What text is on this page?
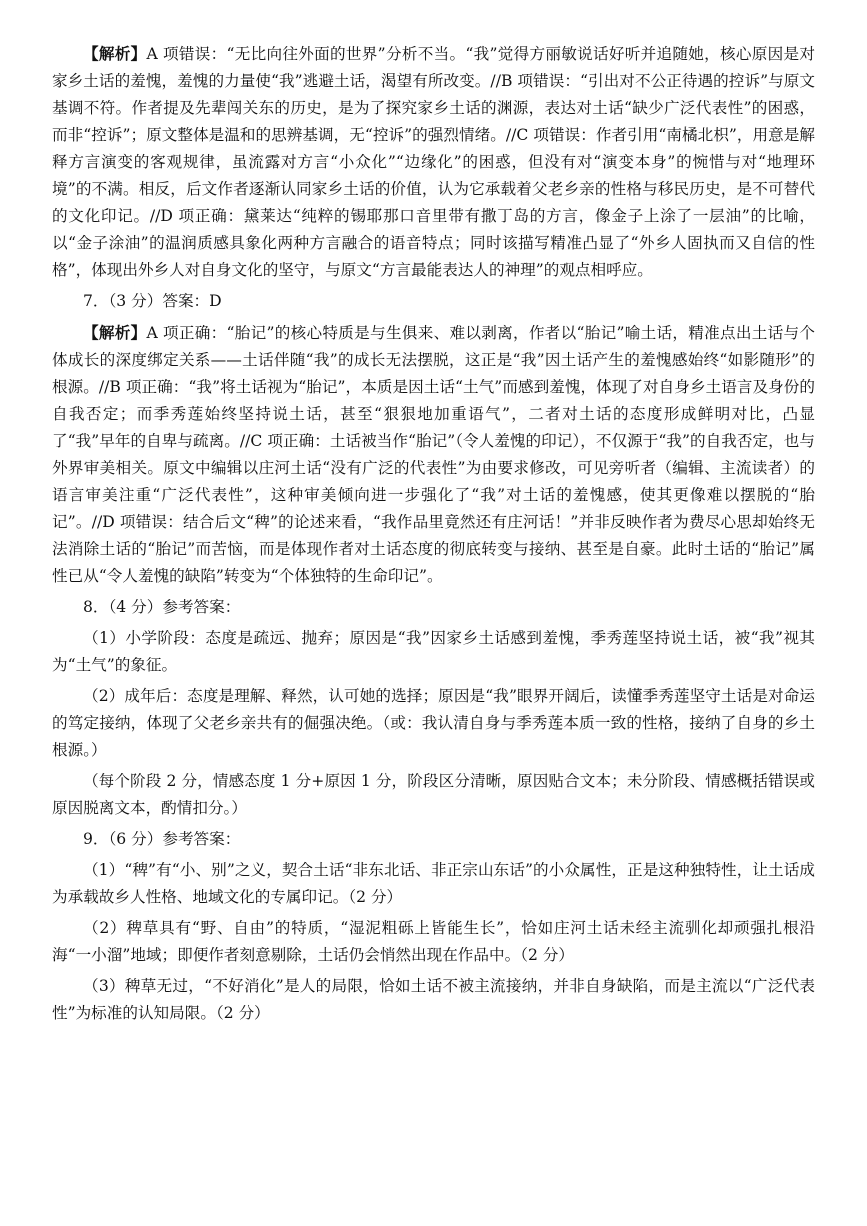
【解析】A 项错误：“无比向往外面的世界”分析不当。“我”觉得方丽敏说话好听并追随她，核心原因是对家乡土话的羞愧，羞愧的力量使“我”逃避土话，渴望有所改变。//B 项错误：“引出对不公正待遇的控诉”与原文基调不符。作者提及先辈闯关东的历史，是为了探究家乡土话的渊源，表达对土话“缺少广泛代表性”的困惑，而非“控诉”；原文整体是温和的思辨基调，无“控诉”的强烈情绪。//C 项错误：作者引用“南橘北枳”，用意是解释方言演变的客观规律，虽流露对方言“小众化”“边缘化”的困惑，但没有对“演变本身”的惋惜与对“地理环境”的不满。相反，后文作者逐渐认同家乡土话的价值，认为它承载着父老乡亲的性格与移民历史，是不可替代的文化印记。//D 项正确：黛莱达“纯粹的锡耶那口音里带有撒丁岛的方言，像金子上涂了一层油”的比喻，以“金子涂油”的温润质感具象化两种方言融合的语音特点；同时该描写精准凸显了“外乡人固执而又自信的性格”，体现出外乡人对自身文化的坚守，与原文“方言最能表达人的神理”的观点相呼应。

7．（3 分）答案：D

【解析】A 项正确：“胎记”的核心特质是与生俱来、难以剥离，作者以“胎记”喻土话，精准点出土话与个体成长的深度绑定关系——土话伴随“我”的成长无法摆脱，这正是“我”因土话产生的羞愧感始终“如影随形”的根源。//B 项正确：“我”将土话视为“胎记”，本质是因土话“土气”而感到羞愧，体现了对自身乡土语言及身份的自我否定；而季秀莲始终坚持说土话，甚至“狠狠地加重语气”，二者对土话的态度形成鲜明对比，凸显了“我”早年的自卑与疏离。//C 项正确：土话被当作“胎记”（令人羞愧的印记），不仅源于“我”的自我否定，也与外界审美相关。原文中编辑以庄河土话“没有广泛的代表性”为由要求修改，可见旁听者（编辑、主流读者）的语言审美注重“广泛代表性”，这种审美倾向进一步强化了“我”对土话的羞愧感，使其更像难以摆脱的“胎记”。//D 项错误：结合后文“稗”的论述来看，“我作品里竟然还有庄河话！”并非反映作者为费尽心思却始终无法消除土话的“胎记”而苦恼，而是体现作者对土话态度的彻底转变与接纳、甚至是自豪。此时土话的“胎记”属性已从“令人羞愧的缺陷”转变为“个体独特的生命印记”。

8．（4 分）参考答案：

（1）小学阶段：态度是疏远、抛弃；原因是“我”因家乡土话感到羞愧，季秀莲坚持说土话，被“我”视其为“土气”的象征。

（2）成年后：态度是理解、释然，认可她的选择；原因是“我”眼界开阔后，读懂季秀莲坚守土话是对命运的笃定接纳，体现了父老乡亲共有的倔强决绝。（或：我认清自身与季秀莲本质一致的性格，接纳了自身的乡土根源。）

（每个阶段 2 分，情感态度 1 分+原因 1 分，阶段区分清晰，原因贴合文本；未分阶段、情感概括错误或原因脱离文本，酌情扣分。）

9．（6 分）参考答案：

（1）“稗”有“小、别”之义，契合土话“非东北话、非正宗山东话”的小众属性，正是这种独特性，让土话成为承载故乡人性格、地域文化的专属印记。（2 分）

（2）稗草具有“野、自由”的特质，“湿泥粗砾上皆能生长”，恰如庄河土话未经主流驯化却顽强扎根沿海“一小溜”地域；即便作者刻意剔除，土话仍会悄然出现在作品中。（2 分）

（3）稗草无过，“不好消化”是人的局限，恰如土话不被主流接纳，并非自身缺陷，而是主流以“广泛代表性”为标准的认知局限。（2 分）
